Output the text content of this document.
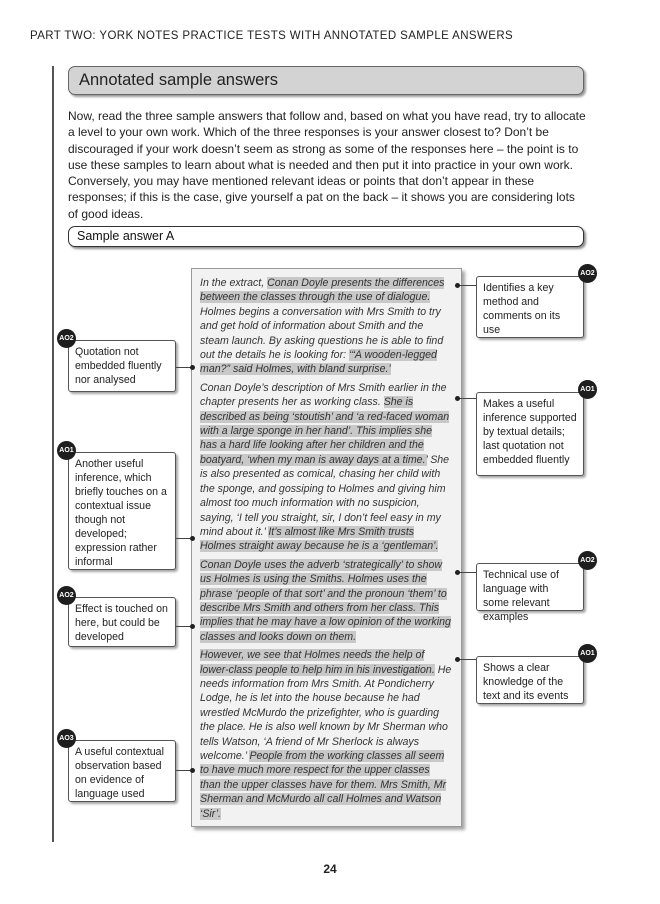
PART TWO: YORK NOTES PRACTICE TESTS WITH ANNOTATED SAMPLE ANSWERS
Annotated sample answers

Now, read the three sample answers that follow and, based on what you have read, try to allocate a level to your own work. Which of the three responses is your answer closest to? Don’t be discouraged if your work doesn’t seem as strong as some of the responses here – the point is to use these samples to learn about what is needed and then put it into practice in your own work. Conversely, you may have mentioned relevant ideas or points that don’t appear in these responses; if this is the case, give yourself a pat on the back – it shows you are considering lots of good ideas.

Sample answer A

In the extract, Conan Doyle presents the differences between the classes through the use of dialogue. Holmes begins a conversation with Mrs Smith to try and get hold of information about Smith and the steam launch. By asking questions he is able to find out the details he is looking for: ‘“A wooden-legged man?” said Holmes, with bland surprise.’

Conan Doyle’s description of Mrs Smith earlier in the chapter presents her as working class. She is described as being ‘stoutish’ and ‘a red-faced woman with a large sponge in her hand’. This implies she has a hard life looking after her children and the boatyard, ‘when my man is away days at a time.’ She is also presented as comical, chasing her child with the sponge, and gossiping to Holmes and giving him almost too much information with no suspicion, saying, ‘I tell you straight, sir, I don’t feel easy in my mind about it.’ It’s almost like Mrs Smith trusts Holmes straight away because he is a ‘gentleman’.

Conan Doyle uses the adverb ‘strategically’ to show us Holmes is using the Smiths. Holmes uses the phrase ‘people of that sort’ and the pronoun ‘them’ to describe Mrs Smith and others from her class. This implies that he may have a low opinion of the working classes and looks down on them.

However, we see that Holmes needs the help of lower-class people to help him in his investigation. He needs information from Mrs Smith. At Pondicherry Lodge, he is let into the house because he had wrestled McMurdo the prizefighter, who is guarding the place. He is also well known by Mr Sherman who tells Watson, ‘A friend of Mr Sherlock is always welcome.’ People from the working classes all seem to have much more respect for the upper classes than the upper classes have for them. Mrs Smith, Mr Sherman and McMurdo all call Holmes and Watson ‘Sir’.

Identifies a key method and comments on its use
AO2
Makes a useful inference supported by textual details; last quotation not embedded fluently
AO1
Technical use of language with some relevant examples
AO2
Shows a clear knowledge of the text and its events
AO1
Quotation not embedded fluently nor analysed
AO2
Another useful inference, which briefly touches on a contextual issue though not developed; expression rather informal
AO1
Effect is touched on here, but could be developed
AO2
A useful contextual observation based on evidence of language used
AO3
24
